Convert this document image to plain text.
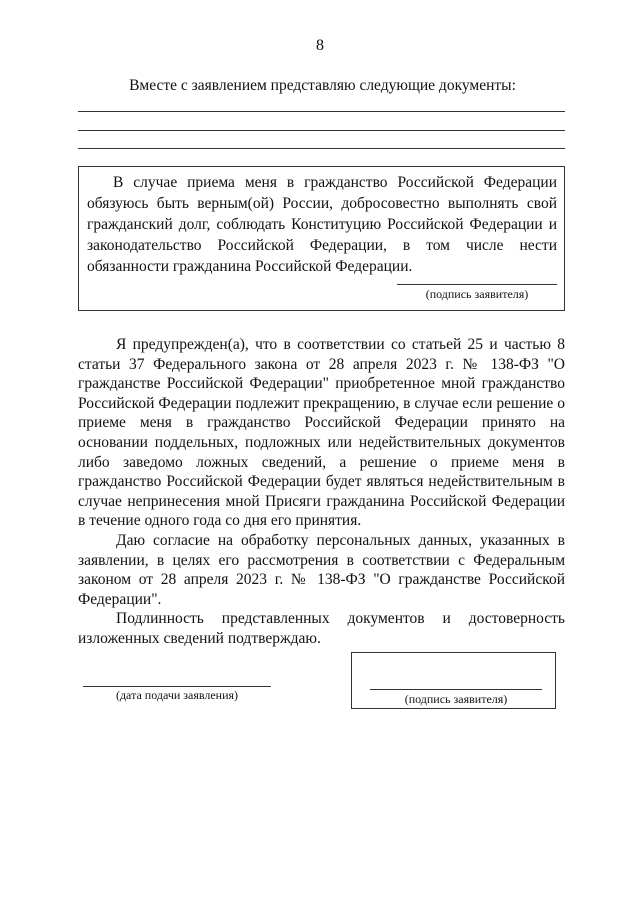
8
Вместе с заявлением представляю следующие документы:
В случае приема меня в гражданство Российской Федерации обязуюсь быть верным(ой) России, добросовестно выполнять свой гражданский долг, соблюдать Конституцию Российской Федерации и законодательство Российской Федерации, в том числе нести обязанности гражданина Российской Федерации.
(подпись заявителя)

Я предупрежден(а), что в соответствии со статьей 25 и частью 8 статьи 37 Федерального закона от 28 апреля 2023 г. № 138-ФЗ "О гражданстве Российской Федерации" приобретенное мной гражданство Российской Федерации подлежит прекращению, в случае если решение о приеме меня в гражданство Российской Федерации принято на основании поддельных, подложных или недействительных документов либо заведомо ложных сведений, а решение о приеме меня в гражданство Российской Федерации будет являться недействительным в случае непринесения мной Присяги гражданина Российской Федерации в течение одного года со дня его принятия.

Даю согласие на обработку персональных данных, указанных в заявлении, в целях его рассмотрения в соответствии с Федеральным законом от 28 апреля 2023 г. № 138-ФЗ "О гражданстве Российской Федерации".

Подлинность представленных документов и достоверность изложенных сведений подтверждаю.

(дата подачи заявления)	(подпись заявителя)
